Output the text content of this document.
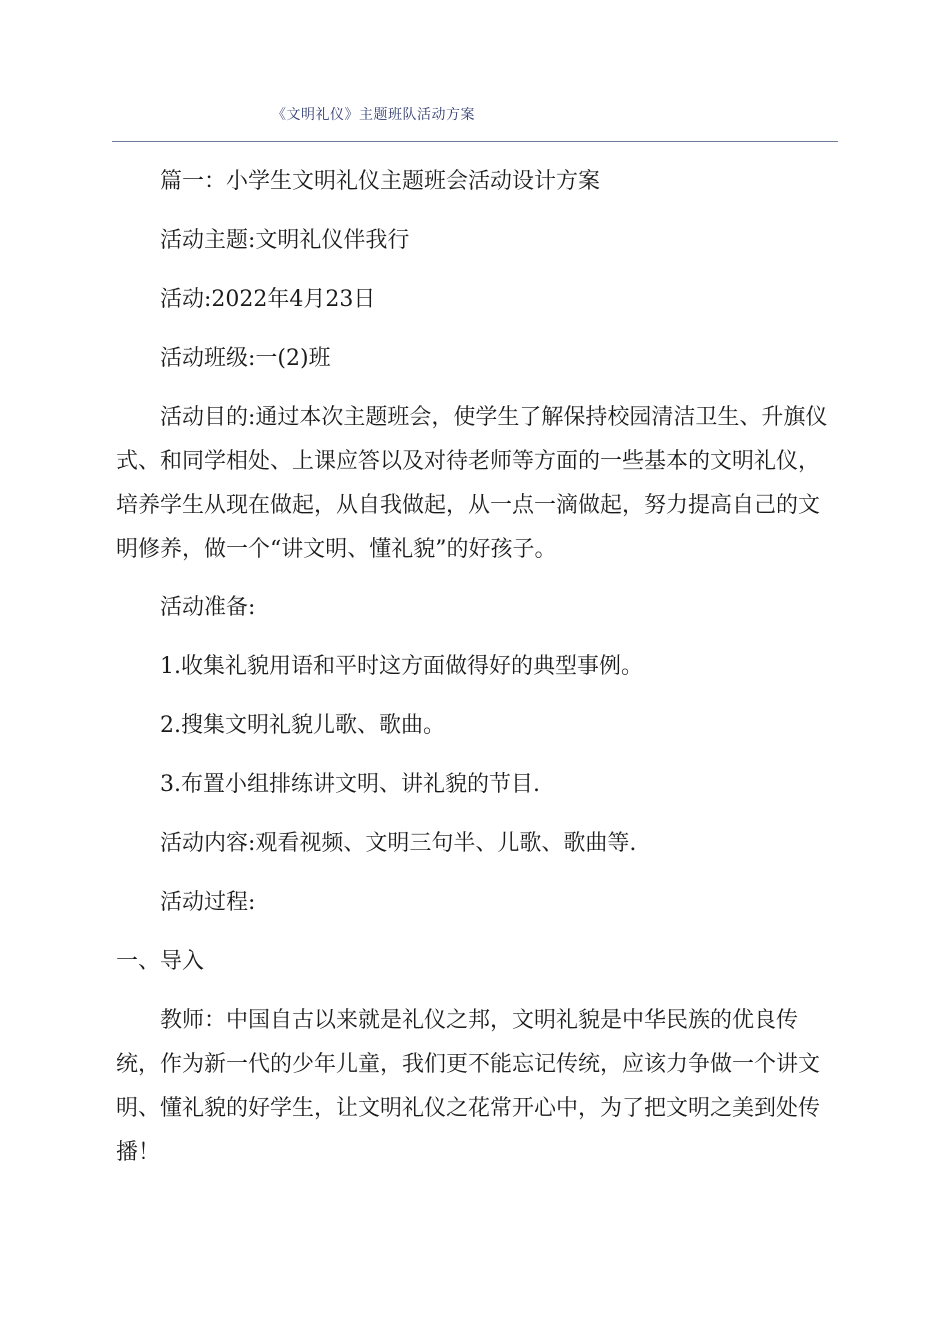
《文明礼仪》主题班队活动方案

篇一：小学生文明礼仪主题班会活动设计方案

活动主题:文明礼仪伴我行

活动:2022年4月23日

活动班级:一(2)班

活动目的:通过本次主题班会，使学生了解保持校园清洁卫生、升旗仪式、和同学相处、上课应答以及对待老师等方面的一些基本的文明礼仪，培养学生从现在做起，从自我做起，从一点一滴做起，努力提高自己的文明修养，做一个“讲文明、懂礼貌”的好孩子。

活动准备:

1.收集礼貌用语和平时这方面做得好的典型事例。

2.搜集文明礼貌儿歌、歌曲。

3.布置小组排练讲文明、讲礼貌的节目.

活动内容:观看视频、文明三句半、儿歌、歌曲等.

活动过程:

一、导入

教师：中国自古以来就是礼仪之邦，文明礼貌是中华民族的优良传统，作为新一代的少年儿童，我们更不能忘记传统，应该力争做一个讲文明、懂礼貌的好学生，让文明礼仪之花常开心中，为了把文明之美到处传播！
